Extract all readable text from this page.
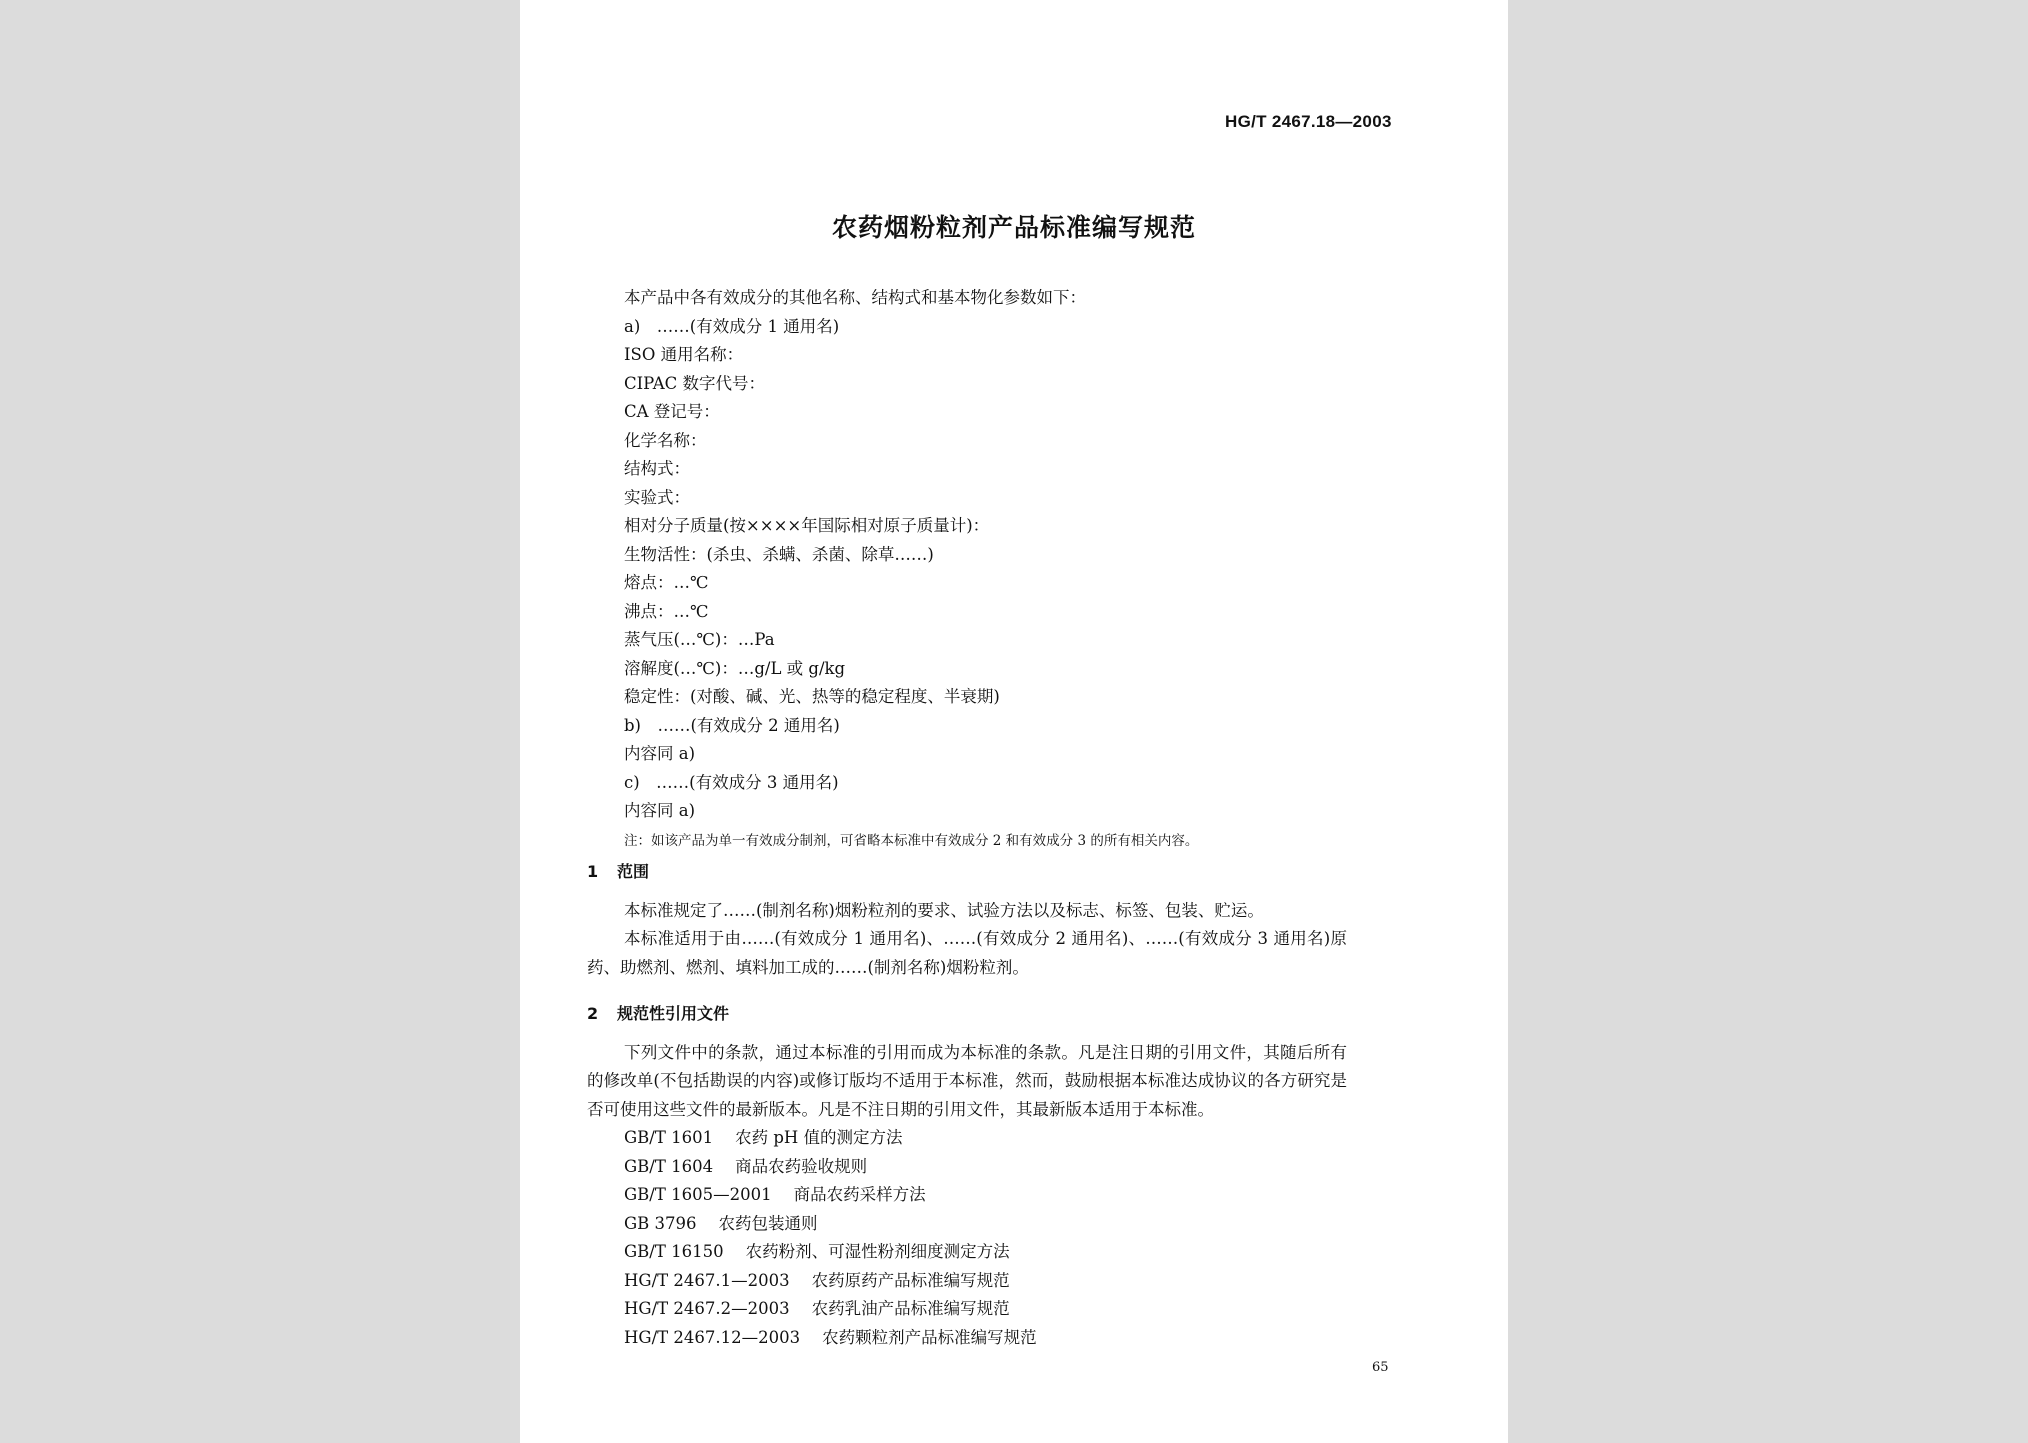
HG/T 2467.18—2003
农药烟粉粒剂产品标准编写规范
本产品中各有效成分的其他名称、结构式和基本物化参数如下：
a)　……(有效成分 1 通用名)
ISO 通用名称：
CIPAC 数字代号：
CA 登记号：
化学名称：
结构式：
实验式：
相对分子质量(按××××年国际相对原子质量计)：
生物活性：(杀虫、杀螨、杀菌、除草……)
熔点：…℃
沸点：…℃
蒸气压(…℃)：…Pa
溶解度(…℃)：…g/L 或 g/kg
稳定性：(对酸、碱、光、热等的稳定程度、半衰期)
b)　……(有效成分 2 通用名)
内容同 a)
c)　……(有效成分 3 通用名)
内容同 a)
注：如该产品为单一有效成分制剂，可省略本标准中有效成分 2 和有效成分 3 的所有相关内容。
1 范围
本标准规定了……(制剂名称)烟粉粒剂的要求、试验方法以及标志、标签、包装、贮运。
本标准适用于由……(有效成分 1 通用名)、……(有效成分 2 通用名)、……(有效成分 3 通用名)原药、助燃剂、燃剂、填料加工成的……(制剂名称)烟粉粒剂。
2 规范性引用文件
下列文件中的条款，通过本标准的引用而成为本标准的条款。凡是注日期的引用文件，其随后所有的修改单(不包括勘误的内容)或修订版均不适用于本标准，然而，鼓励根据本标准达成协议的各方研究是否可使用这些文件的最新版本。凡是不注日期的引用文件，其最新版本适用于本标准。
GB/T 1601 农药 pH 值的测定方法
GB/T 1604 商品农药验收规则
GB/T 1605—2001 商品农药采样方法
GB 3796 农药包装通则
GB/T 16150 农药粉剂、可湿性粉剂细度测定方法
HG/T 2467.1—2003 农药原药产品标准编写规范
HG/T 2467.2—2003 农药乳油产品标准编写规范
HG/T 2467.12—2003 农药颗粒剂产品标准编写规范
65
